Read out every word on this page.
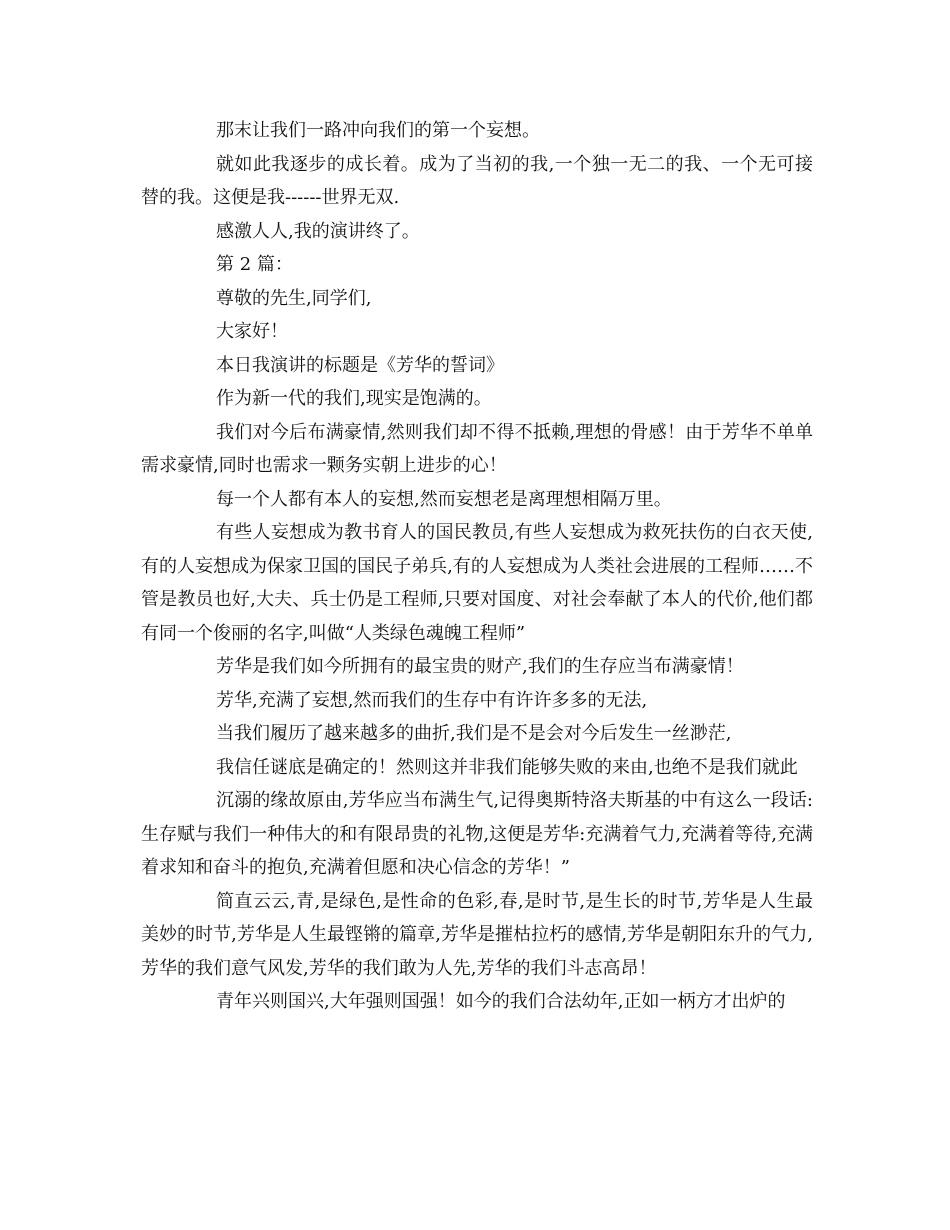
那末让我们一路冲向我们的第一个妄想。

就如此我逐步的成长着。成为了当初的我,一个独一无二的我、一个无可接替的我。这便是我------世界无双.

感激人人,我的演讲终了。

第 2 篇：

尊敬的先生,同学们,

大家好！

本日我演讲的标题是《芳华的誓词》

作为新一代的我们,现实是饱满的。

我们对今后布满豪情,然则我们却不得不抵赖,理想的骨感！由于芳华不单单需求豪情,同时也需求一颗务实朝上进步的心！

每一个人都有本人的妄想,然而妄想老是离理想相隔万里。

有些人妄想成为教书育人的国民教员,有些人妄想成为救死扶伤的白衣天使,有的人妄想成为保家卫国的国民子弟兵,有的人妄想成为人类社会进展的工程师……不管是教员也好,大夫、兵士仍是工程师,只要对国度、对社会奉献了本人的代价,他们都有同一个俊丽的名字,叫做“人类绿色魂魄工程师”

芳华是我们如今所拥有的最宝贵的财产,我们的生存应当布满豪情！

芳华,充满了妄想,然而我们的生存中有许许多多的无法,

当我们履历了越来越多的曲折,我们是不是会对今后发生一丝渺茫,

我信任谜底是确定的！然则这并非我们能够失败的来由,也绝不是我们就此

沉溺的缘故原由,芳华应当布满生气,记得奥斯特洛夫斯基的中有这么一段话:生存赋与我们一种伟大的和有限昂贵的礼物,这便是芳华:充满着气力,充满着等待,充满着求知和奋斗的抱负,充满着但愿和决心信念的芳华！”

简直云云,青,是绿色,是性命的色彩,春,是时节,是生长的时节,芳华是人生最美妙的时节,芳华是人生最铿锵的篇章,芳华是摧枯拉朽的感情,芳华是朝阳东升的气力,芳华的我们意气风发,芳华的我们敢为人先,芳华的我们斗志高昂！

青年兴则国兴,大年强则国强！如今的我们合法幼年,正如一柄方才出炉的
